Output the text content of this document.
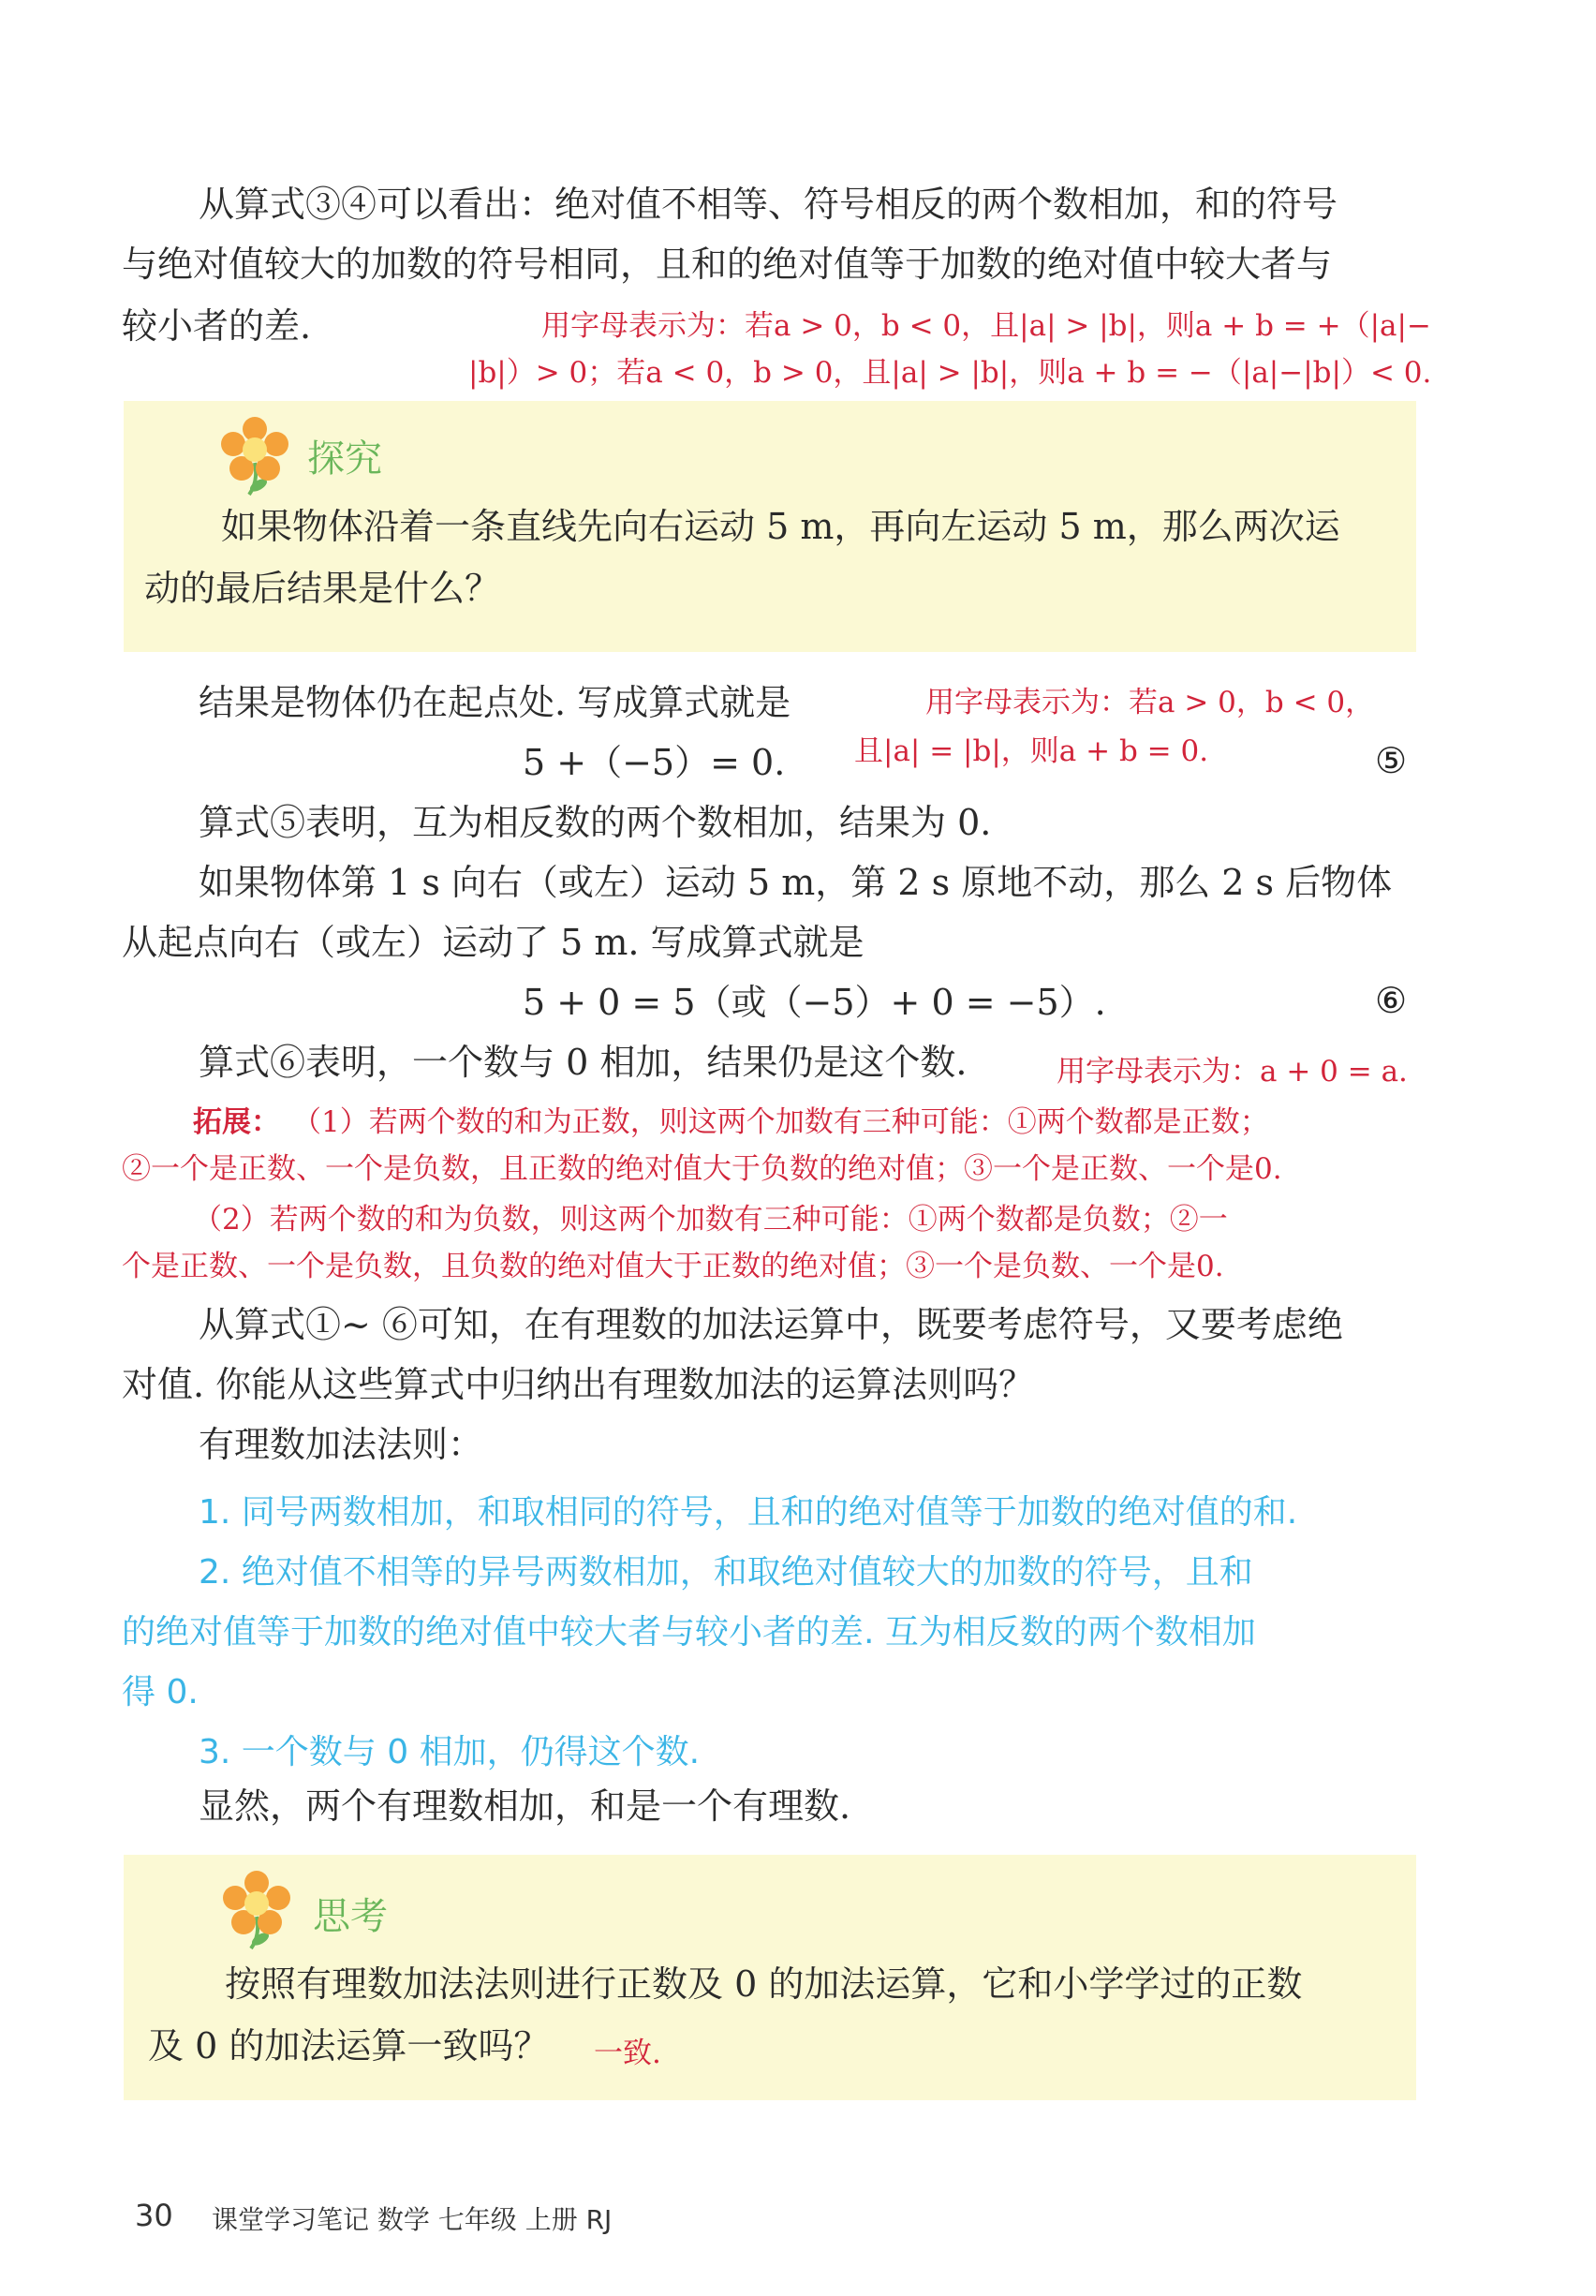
从算式③④可以看出：绝对值不相等、符号相反的两个数相加，和的符号
与绝对值较大的加数的符号相同，且和的绝对值等于加数的绝对值中较大者与
较小者的差.	用字母表示为：若a > 0，b < 0，且|a| > |b|，则a + b = +（|a|−
|b|）> 0；若a < 0，b > 0，且|a| > |b|，则a + b = −（|a|−|b|）< 0.
探究
如果物体沿着一条直线先向右运动 5 m，再向左运动 5 m，那么两次运
动的最后结果是什么？
结果是物体仍在起点处. 写成算式就是	用字母表示为：若a > 0，b < 0，
且|a| = |b|，则a + b = 0.
5 +（−5）= 0.	⑤
算式⑤表明，互为相反数的两个数相加，结果为 0.
如果物体第 1 s 向右（或左）运动 5 m，第 2 s 原地不动，那么 2 s 后物体
从起点向右（或左）运动了 5 m. 写成算式就是
5 + 0 = 5（或（−5）+ 0 = −5）.	⑥
算式⑥表明，一个数与 0 相加，结果仍是这个数.	用字母表示为：a + 0 = a.
拓展： （1）若两个数的和为正数，则这两个加数有三种可能：①两个数都是正数；
②一个是正数、一个是负数，且正数的绝对值大于负数的绝对值；③一个是正数、一个是0.
（2）若两个数的和为负数，则这两个加数有三种可能：①两个数都是负数；②一
个是正数、一个是负数，且负数的绝对值大于正数的绝对值；③一个是负数、一个是0.
从算式①~ ⑥可知，在有理数的加法运算中，既要考虑符号，又要考虑绝
对值. 你能从这些算式中归纳出有理数加法的运算法则吗？
有理数加法法则：
1. 同号两数相加，和取相同的符号，且和的绝对值等于加数的绝对值的和.
2. 绝对值不相等的异号两数相加，和取绝对值较大的加数的符号，且和
的绝对值等于加数的绝对值中较大者与较小者的差. 互为相反数的两个数相加
得 0.
3. 一个数与 0 相加，仍得这个数.
显然，两个有理数相加，和是一个有理数.
思考
按照有理数加法法则进行正数及 0 的加法运算，它和小学学过的正数
及 0 的加法运算一致吗？ 一致.
30 课堂学习笔记 数学 七年级 上册 RJ
